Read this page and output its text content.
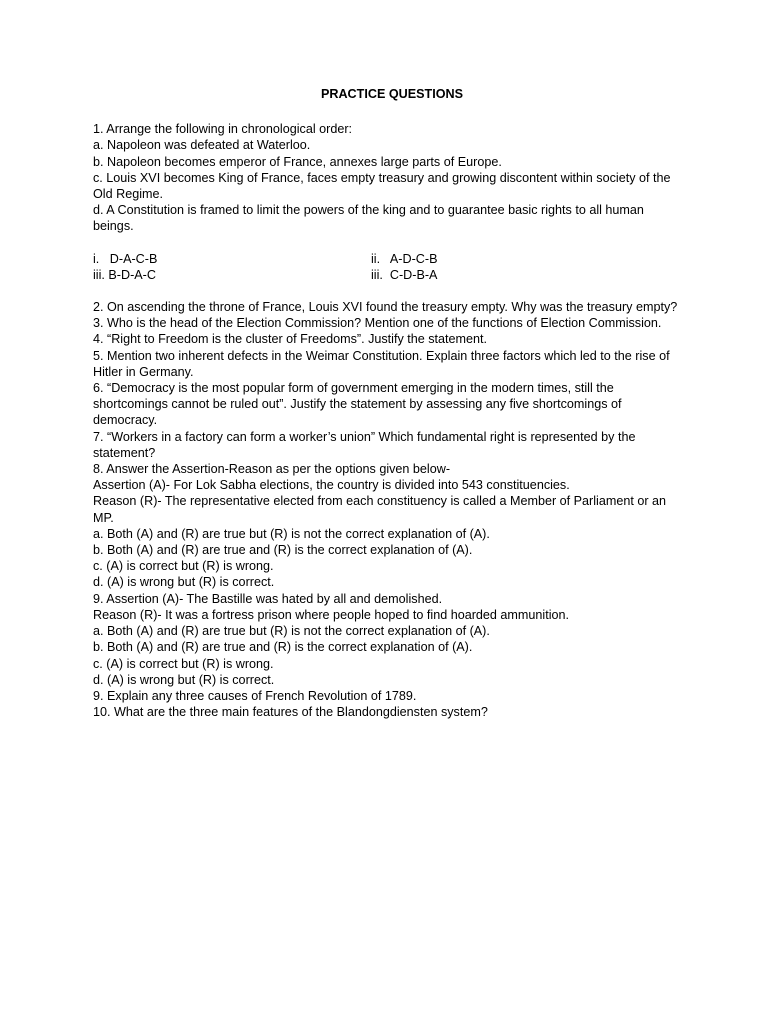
PRACTICE QUESTIONS

1. Arrange the following in chronological order:

a. Napoleon was defeated at Waterloo.

b. Napoleon becomes emperor of France, annexes large parts of Europe.

c. Louis XVI becomes King of France, faces empty treasury and growing discontent within society of the Old Regime.

d. A Constitution is framed to limit the powers of the king and to guarantee basic rights to all human beings.

i.   D-A-C-B	ii.   A-D-C-B
iii. B-D-A-C	iii.  C-D-B-A

2. On ascending the throne of France, Louis XVI found the treasury empty. Why was the treasury empty?

3. Who is the head of the Election Commission? Mention one of the functions of Election Commission.

4. “Right to Freedom is the cluster of Freedoms”. Justify the statement.

5. Mention two inherent defects in the Weimar Constitution. Explain three factors which led to the rise of Hitler in Germany.

6. “Democracy is the most popular form of government emerging in the modern times, still the shortcomings cannot be ruled out”. Justify the statement by assessing any five shortcomings of democracy.

7. “Workers in a factory can form a worker’s union” Which fundamental right is represented by the statement?

8. Answer the Assertion-Reason as per the options given below-

Assertion (A)- For Lok Sabha elections, the country is divided into 543 constituencies.

Reason (R)- The representative elected from each constituency is called a Member of Parliament or an MP.

a. Both (A) and (R) are true but (R) is not the correct explanation of (A).

b. Both (A) and (R) are true and (R) is the correct explanation of (A).

c. (A) is correct but (R) is wrong.

d. (A) is wrong but (R) is correct.

9. Assertion (A)- The Bastille was hated by all and demolished.

Reason (R)- It was a fortress prison where people hoped to find hoarded ammunition.

a. Both (A) and (R) are true but (R) is not the correct explanation of (A).

b. Both (A) and (R) are true and (R) is the correct explanation of (A).

c. (A) is correct but (R) is wrong.

d. (A) is wrong but (R) is correct.

9. Explain any three causes of French Revolution of 1789.

10. What are the three main features of the Blandongdiensten system?
